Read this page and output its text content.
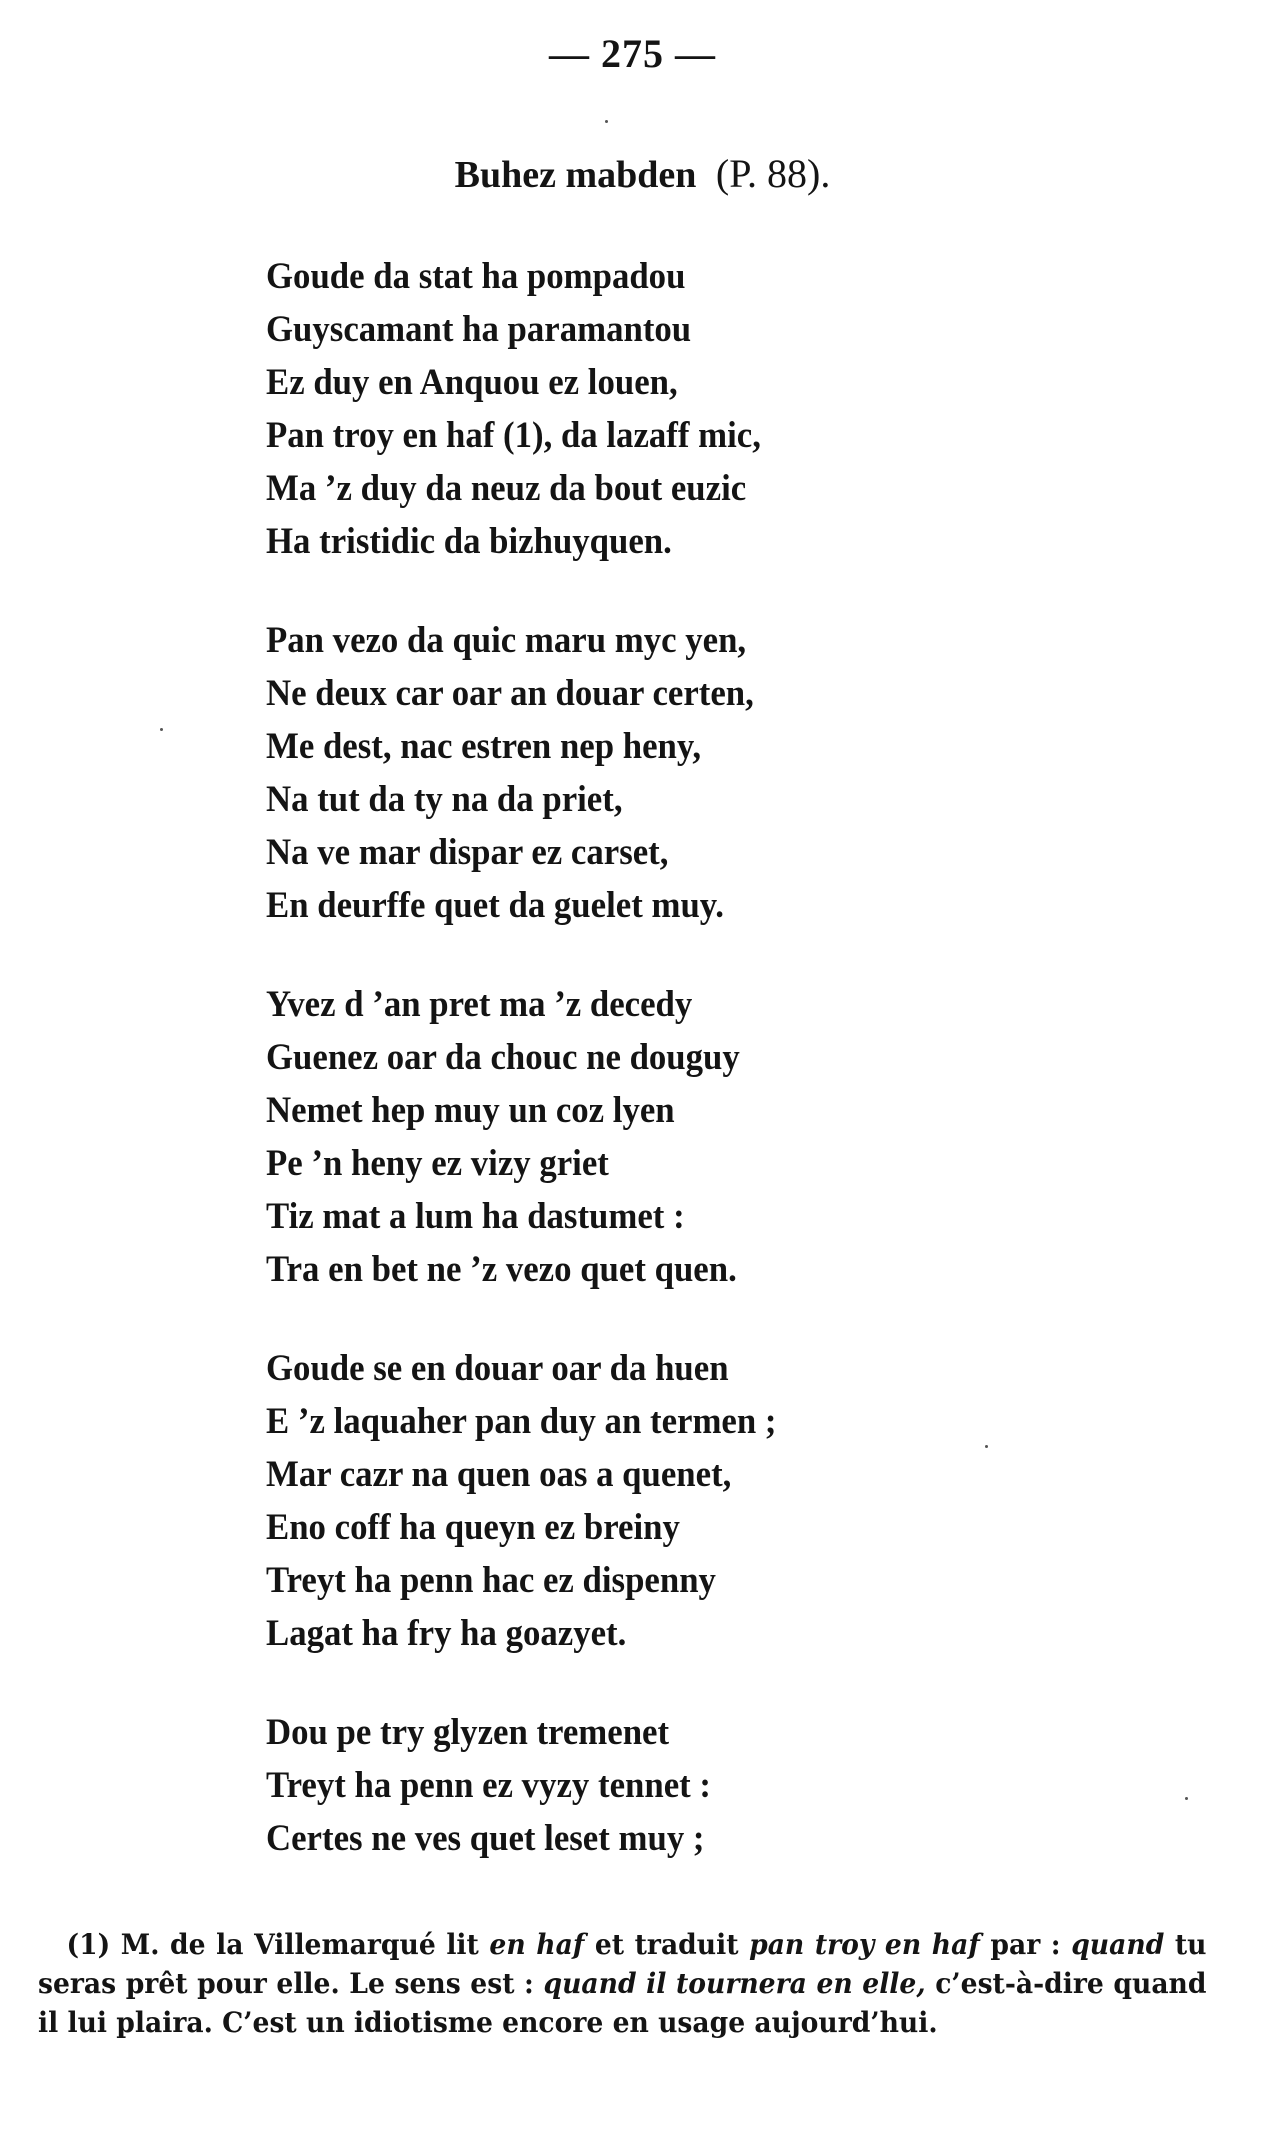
— 275 —
Buhez mabden (P. 88).
Goude da stat ha pompadou
Guyscamant ha paramantou
Ez duy en Anquou ez louen,
Pan troy en haf (1), da lazaff mic,
Ma ’z duy da neuz da bout euzic
Ha tristidic da bizhuyquen.
Pan vezo da quic maru myc yen,
Ne deux car oar an douar certen,
Me dest, nac estren nep heny,
Na tut da ty na da priet,
Na ve mar dispar ez carset,
En deurffe quet da guelet muy.
Yvez d ’an pret ma ’z decedy
Guenez oar da chouc ne douguy
Nemet hep muy un coz lyen
Pe ’n heny ez vizy griet
Tiz mat a lum ha dastumet :
Tra en bet ne ’z vezo quet quen.
Goude se en douar oar da huen
E ’z laquaher pan duy an termen ;
Mar cazr na quen oas a quenet,
Eno coff ha queyn ez breiny
Treyt ha penn hac ez dispenny
Lagat ha fry ha goazyet.
Dou pe try glyzen tremenet
Treyt ha penn ez vyzy tennet :
Certes ne ves quet leset muy ;
(1) M. de la Villemarqué lit en haf et traduit pan troy en haf par : quand tu seras prêt pour elle. Le sens est : quand il tournera en elle, c’est-à-dire quand il lui plaira. C’est un idiotisme encore en usage aujourd’hui.
